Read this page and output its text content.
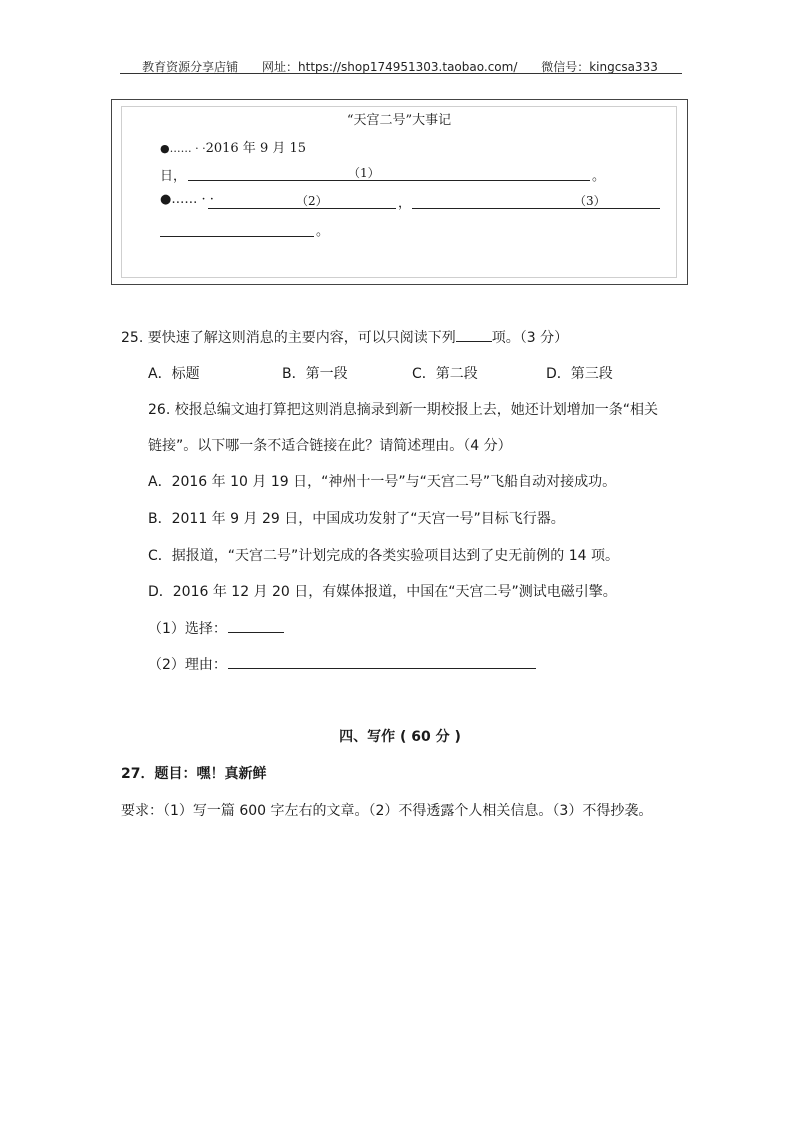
教育资源分享店铺 网址：https://shop174951303.taobao.com/ 微信号：kingcsa333
“天宫二号”大事记
●…… · ·2016 年 9 月 15
日，	（1）	。
●…… · ·	（2）	，	（3）
。
25. 要快速了解这则消息的主要内容，可以只阅读下列	项。（3 分）
A．标题	B．第一段	C．第二段	D．第三段
26. 校报总编文迪打算把这则消息摘录到新一期校报上去，她还计划增加一条“相关
链接”。以下哪一条不适合链接在此？请简述理由。（4 分）
A．2016 年 10 月 19 日，“神州十一号”与“天宫二号”飞船自动对接成功。
B．2011 年 9 月 29 日，中国成功发射了“天宫一号”目标飞行器。
C．据报道，“天宫二号”计划完成的各类实验项目达到了史无前例的 14 项。
D．2016 年 12 月 20 日，有媒体报道，中国在“天宫二号”测试电磁引擎。
（1）选择：
（2）理由：
四、写作 ( 60 分 )
27．题目：嘿！真新鲜
要求：（1）写一篇 600 字左右的文章。（2）不得透露个人相关信息。（3）不得抄袭。
